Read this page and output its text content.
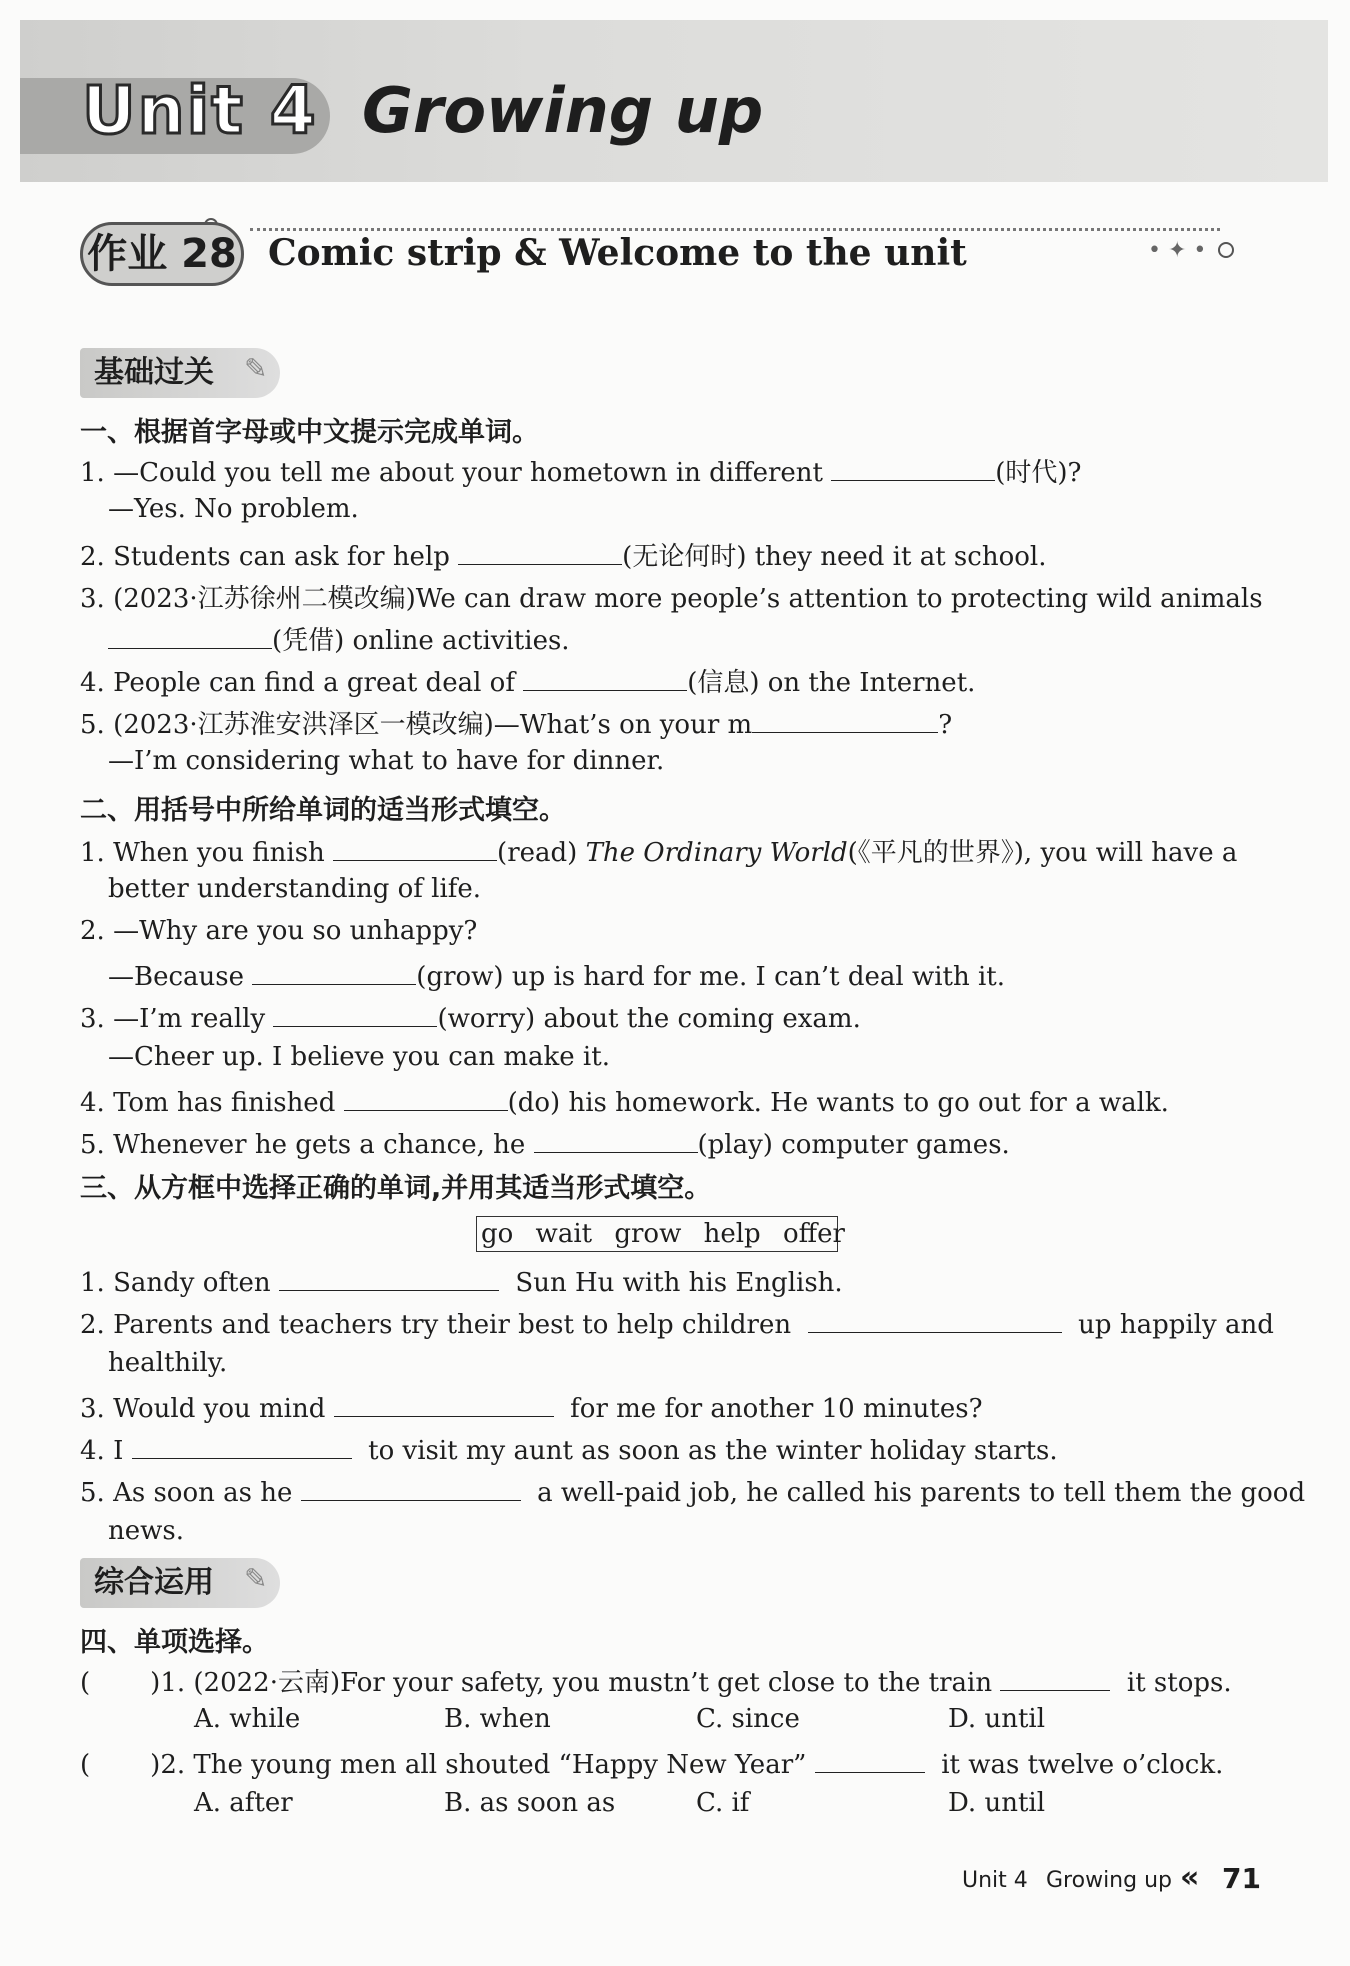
Unit 4 Growing up
• ✦ •
作业 28 Comic strip & Welcome to the unit
基础过关	✎
一、根据首字母或中文提示完成单词。
1. —Could you tell me about your hometown in different	(时代)?
—Yes. No problem.
2. Students can ask for help	(无论何时) they need it at school.
3. (2023·江苏徐州二模改编)We can draw more people’s attention to protecting wild animals
(凭借) online activities.
4. People can find a great deal of	(信息) on the Internet.
5. (2023·江苏淮安洪泽区一模改编)—What’s on your m	?
—I’m considering what to have for dinner.
二、用括号中所给单词的适当形式填空。
1. When you finish	(read) The Ordinary World(《平凡的世界》), you will have a
better understanding of life.
2. —Why are you so unhappy?
—Because	(grow) up is hard for me. I can’t deal with it.
3. —I’m really	(worry) about the coming exam.
—Cheer up. I believe you can make it.
4. Tom has finished	(do) his homework. He wants to go out for a walk.
5. Whenever he gets a chance, he	(play) computer games.
三、从方框中选择正确的单词,并用其适当形式填空。
go wait grow help offer
1. Sandy often	Sun Hu with his English.
2. Parents and teachers try their best to help children	up happily and
healthily.
3. Would you mind	for me for another 10 minutes?
4. I	to visit my aunt as soon as the winter holiday starts.
5. As soon as he	a well-paid job, he called his parents to tell them the good
news.
综合运用	✎
四、单项选择。
( )1. (2022·云南)For your safety, you mustn’t get close to the train	it stops.
A. while	B. when	C. since	D. until
( )2. The young men all shouted “Happy New Year”	it was twelve o’clock.
A. after	B. as soon as	C. if	D. until
Unit 4 Growing up « 71
